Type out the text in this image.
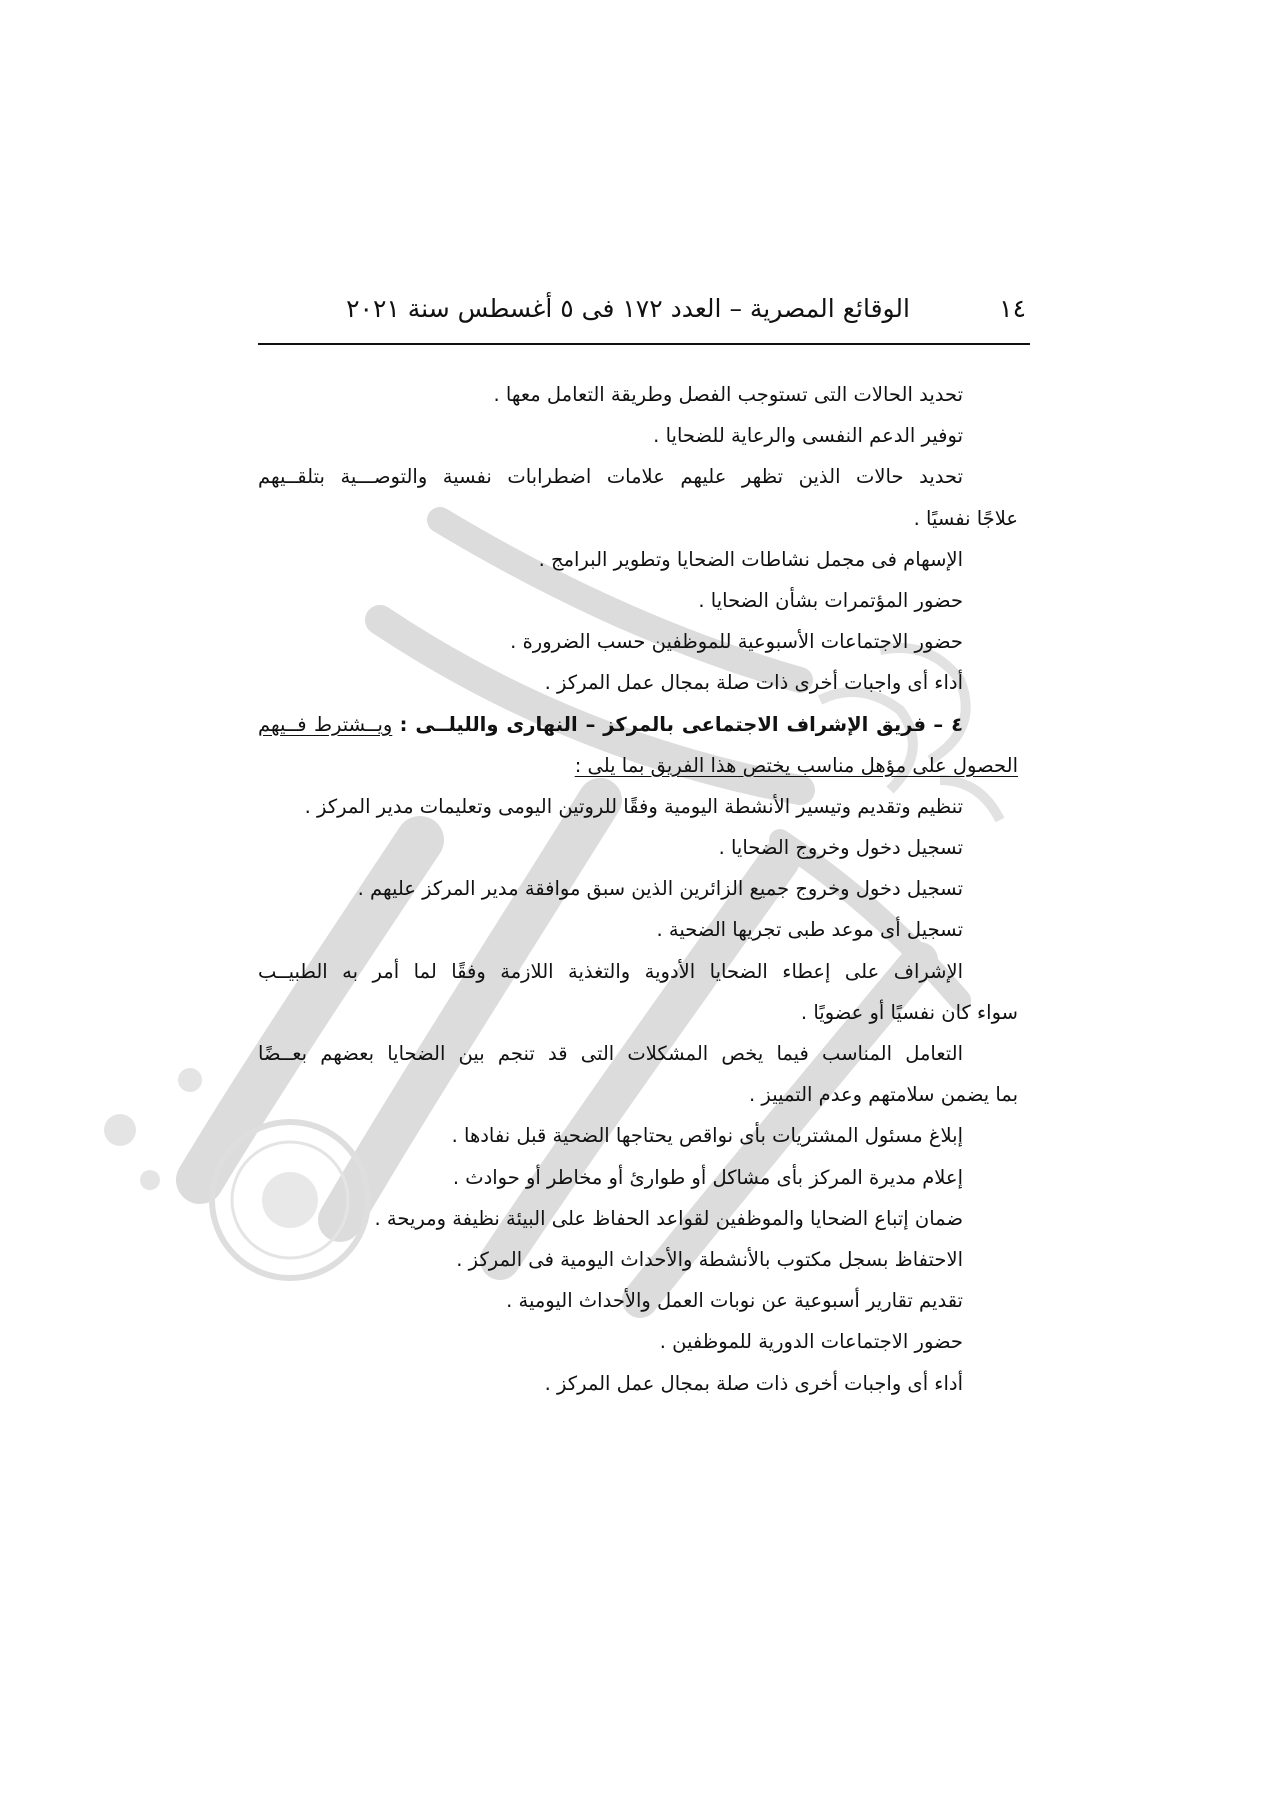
١٤
الوقائع المصرية – العدد ١٧٢ فى ٥ أغسطس سنة ٢٠٢١
تحديد الحالات التى تستوجب الفصل وطريقة التعامل معها .
توفير الدعم النفسى والرعاية للضحايا .
تحديد حالات الذين تظهر عليهم علامات اضطرابات نفسية والتوصـــية بتلقــيهم
علاجًا نفسيًا .
الإسهام فى مجمل نشاطات الضحايا وتطوير البرامج .
حضور المؤتمرات بشأن الضحايا .
حضور الاجتماعات الأسبوعية للموظفين حسب الضرورة .
أداء أى واجبات أخرى ذات صلة بمجال عمل المركز .
٤ – فريق الإشراف الاجتماعى بالمركز – النهارى والليلــى : ويــشترط فــيهم
الحصول على مؤهل مناسب يختص هذا الفريق بما يلى :
تنظيم وتقديم وتيسير الأنشطة اليومية وفقًا للروتين اليومى وتعليمات مدير المركز .
تسجيل دخول وخروج الضحايا .
تسجيل دخول وخروج جميع الزائرين الذين سبق موافقة مدير المركز عليهم .
تسجيل أى موعد طبى تجريها الضحية .
الإشراف على إعطاء الضحايا الأدوية والتغذية اللازمة وفقًا لما أمر به الطبيــب
سواء كان نفسيًا أو عضويًا .
التعامل المناسب فيما يخص المشكلات التى قد تنجم بين الضحايا بعضهم بعــضًا
بما يضمن سلامتهم وعدم التمييز .
إبلاغ مسئول المشتريات بأى نواقص يحتاجها الضحية قبل نفادها .
إعلام مديرة المركز بأى مشاكل أو طوارئ أو مخاطر أو حوادث .
ضمان إتباع الضحايا والموظفين لقواعد الحفاظ على البيئة نظيفة ومريحة .
الاحتفاظ بسجل مكتوب بالأنشطة والأحداث اليومية فى المركز .
تقديم تقارير أسبوعية عن نوبات العمل والأحداث اليومية .
حضور الاجتماعات الدورية للموظفين .
أداء أى واجبات أخرى ذات صلة بمجال عمل المركز .
